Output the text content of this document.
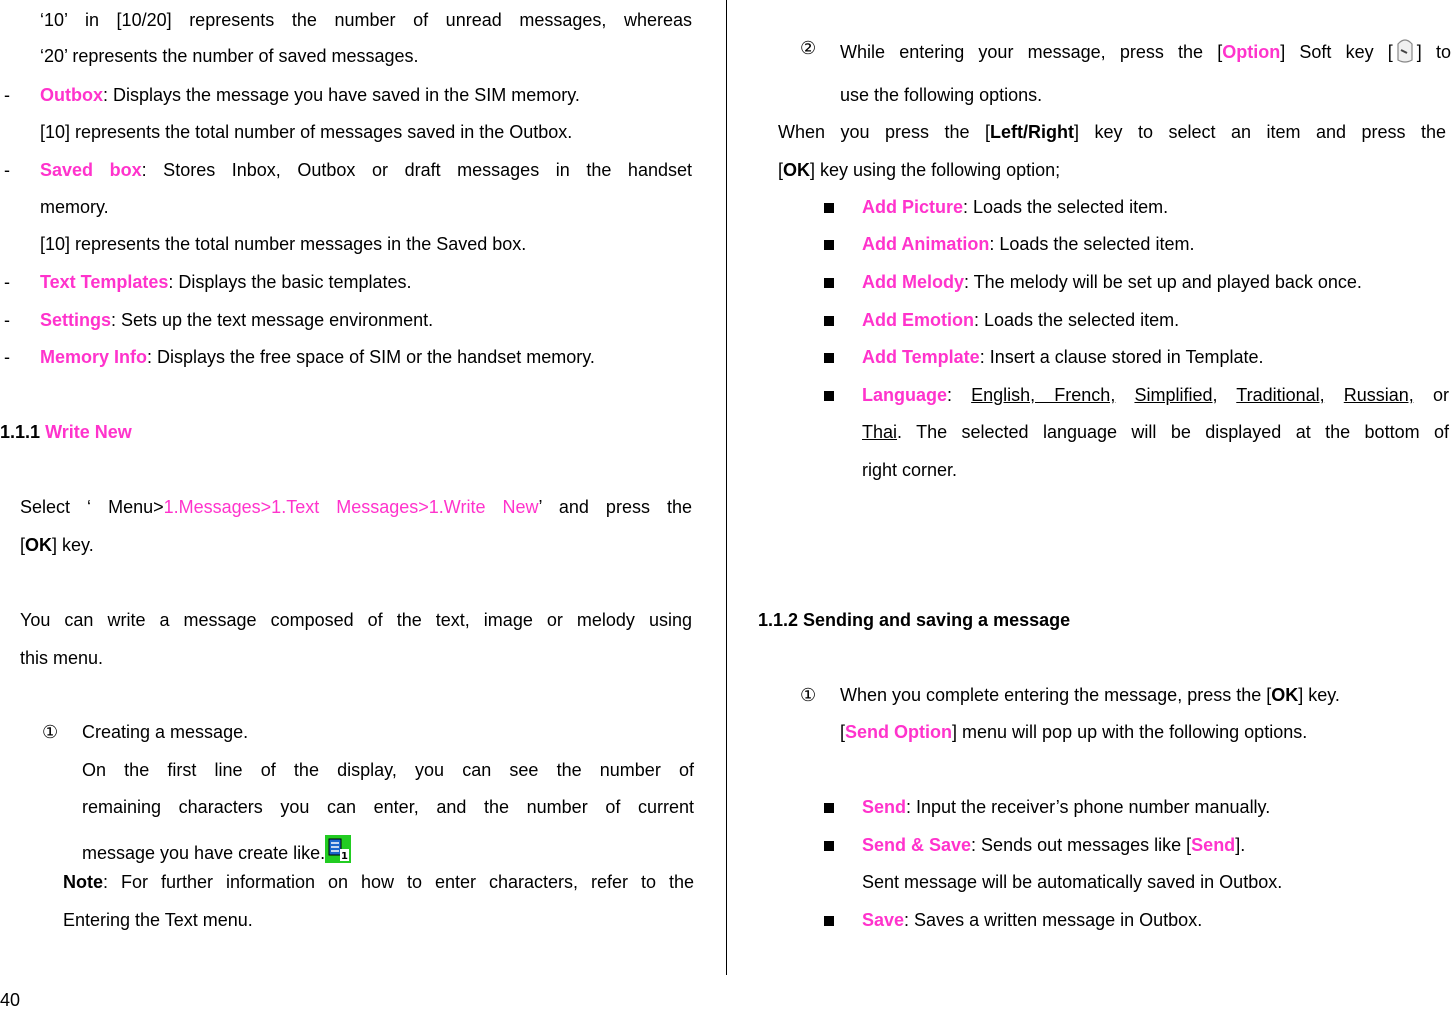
‘10’ in [10/20] represents the number of unread messages, whereas
‘20’ represents the number of saved messages.
- Outbox: Displays the message you have saved in the SIM memory.
[10] represents the total number of messages saved in the Outbox.
- Saved box: Stores Inbox, Outbox or draft messages in the handset
memory.
[10] represents the total number messages in the Saved box.
- Text Templates: Displays the basic templates.
- Settings: Sets up the text message environment.
- Memory Info: Displays the free space of SIM or the handset memory.
1.1.1 Write New
Select ‘ Menu>1.Messages>1.Text Messages>1.Write New’ and press the
[OK] key.
You can write a message composed of the text, image or melody using
this menu.
① Creating a message.
On the first line of the display, you can see the number of
remaining characters you can enter, and the number of current
message you have create like. 1
Note: For further information on how to enter characters, refer to the
Entering the Text menu.
40
② While entering your message, press the [Option] Soft key [ ] to
use the following options.
When you press the [Left/Right] key to select an item and press the
[OK] key using the following option;
Add Picture: Loads the selected item.
Add Animation: Loads the selected item.
Add Melody: The melody will be set up and played back once.
Add Emotion: Loads the selected item.
Add Template: Insert a clause stored in Template.
Language: English, French, Simplified, Traditional, Russian, or
Thai. The selected language will be displayed at the bottom of
right corner.
1.1.2 Sending and saving a message
① When you complete entering the message, press the [OK] key.
[Send Option] menu will pop up with the following options.
Send: Input the receiver’s phone number manually.
Send & Save: Sends out messages like [Send].
Sent message will be automatically saved in Outbox.
Save: Saves a written message in Outbox.
